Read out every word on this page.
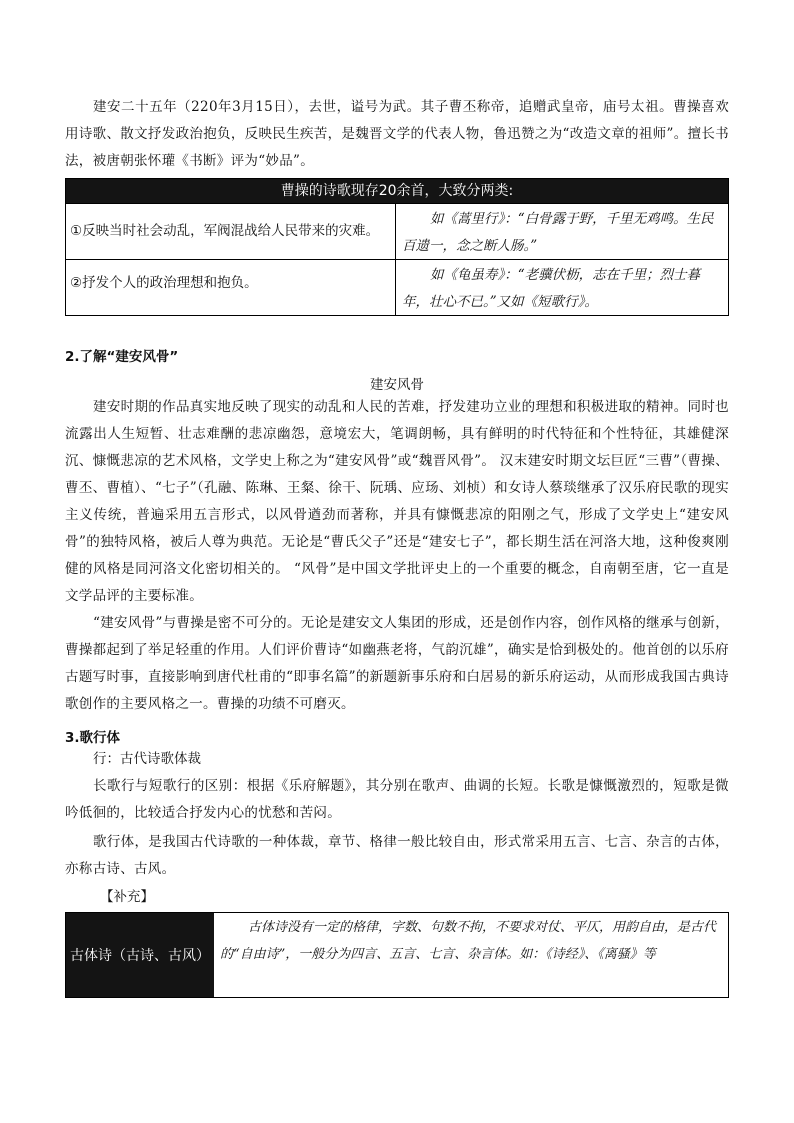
建安二十五年（220年3月15日），去世，谥号为武。其子曹丕称帝，追赠武皇帝，庙号太祖。曹操喜欢用诗歌、散文抒发政治抱负，反映民生疾苦，是魏晋文学的代表人物，鲁迅赞之为“改造文章的祖师”。擅长书法，被唐朝张怀瓘《书断》评为“妙品”。

曹操的诗歌现存20余首，大致分两类:
①反映当时社会动乱，军阀混战给人民带来的灾难。
如《蒿里行》：“白骨露于野，千里无鸡鸣。生民百遗一，念之断人肠。”
②抒发个人的政治理想和抱负。	如《龟虽寿》：“老骥伏枥，志在千里；烈士暮年，壮心不已。”又如《短歌行》。

2.了解“建安风骨”

建安风骨

建安时期的作品真实地反映了现实的动乱和人民的苦难，抒发建功立业的理想和积极进取的精神。同时也流露出人生短暂、壮志难酬的悲凉幽怨，意境宏大，笔调朗畅，具有鲜明的时代特征和个性特征，其雄健深沉、慷慨悲凉的艺术风格，文学史上称之为“建安风骨”或“魏晋风骨”。 汉末建安时期文坛巨匠“三曹”（曹操、曹丕、曹植）、“七子”（孔融、陈琳、王粲、徐干、阮瑀、应玚、刘桢）和女诗人蔡琰继承了汉乐府民歌的现实主义传统，普遍采用五言形式，以风骨遒劲而著称，并具有慷慨悲凉的阳刚之气，形成了文学史上“建安风骨”的独特风格，被后人尊为典范。无论是“曹氏父子”还是“建安七子”，都长期生活在河洛大地，这种俊爽刚健的风格是同河洛文化密切相关的。 “风骨”是中国文学批评史上的一个重要的概念，自南朝至唐，它一直是文学品评的主要标准。

“建安风骨”与曹操是密不可分的。无论是建安文人集团的形成，还是创作内容，创作风格的继承与创新，曹操都起到了举足轻重的作用。人们评价曹诗“如幽燕老将，气韵沉雄”，确实是恰到极处的。他首创的以乐府古题写时事，直接影响到唐代杜甫的“即事名篇”的新题新事乐府和白居易的新乐府运动，从而形成我国古典诗歌创作的主要风格之一。曹操的功绩不可磨灭。

3.歌行体

行：古代诗歌体裁

长歌行与短歌行的区别：根据《乐府解题》，其分别在歌声、曲调的长短。长歌是慷慨激烈的，短歌是微吟低徊的，比较适合抒发内心的忧愁和苦闷。

歌行体，是我国古代诗歌的一种体裁，章节、格律一般比较自由，形式常采用五言、七言、杂言的古体，亦称古诗、古风。

【补充】

古体诗（古诗、古风）
古体诗没有一定的格律，字数、句数不拘，不要求对仗、平仄，用韵自由，是古代的“自由诗”，一般分为四言、五言、七言、杂言体。如：《诗经》、《离骚》等
